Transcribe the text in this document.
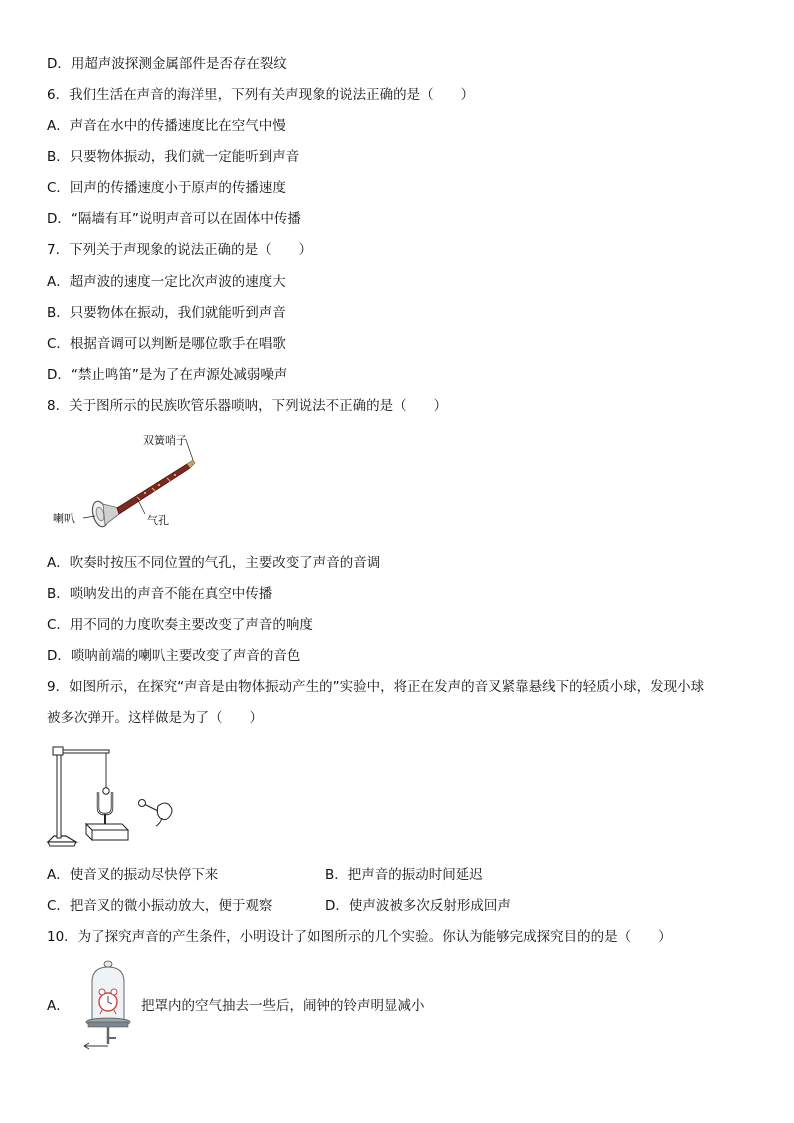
D．用超声波探测金属部件是否存在裂纹
6．我们生活在声音的海洋里，下列有关声现象的说法正确的是（　　）
A．声音在水中的传播速度比在空气中慢
B．只要物体振动，我们就一定能听到声音
C．回声的传播速度小于原声的传播速度
D．“隔墙有耳”说明声音可以在固体中传播
7．下列关于声现象的说法正确的是（　　）
A．超声波的速度一定比次声波的速度大
B．只要物体在振动，我们就能听到声音
C．根据音调可以判断是哪位歌手在唱歌
D．“禁止鸣笛”是为了在声源处减弱噪声
8．关于图所示的民族吹管乐器唢呐，下列说法不正确的是（　　）
双簧哨子
喇叭	气孔
A．吹奏时按压不同位置的气孔，主要改变了声音的音调
B．唢呐发出的声音不能在真空中传播
C．用不同的力度吹奏主要改变了声音的响度
D．唢呐前端的喇叭主要改变了声音的音色
9．如图所示，在探究“声音是由物体振动产生的”实验中，将正在发声的音叉紧靠悬线下的轻质小球，发现小球
被多次弹开。这样做是为了（　　）
A．使音叉的振动尽快停下来	B．把声音的振动时间延迟
C．把音叉的微小振动放大，便于观察	D．使声波被多次反射形成回声
10．为了探究声音的产生条件，小明设计了如图所示的几个实验。你认为能够完成探究目的的是（　　）
A．	把罩内的空气抽去一些后，闹钟的铃声明显减小
